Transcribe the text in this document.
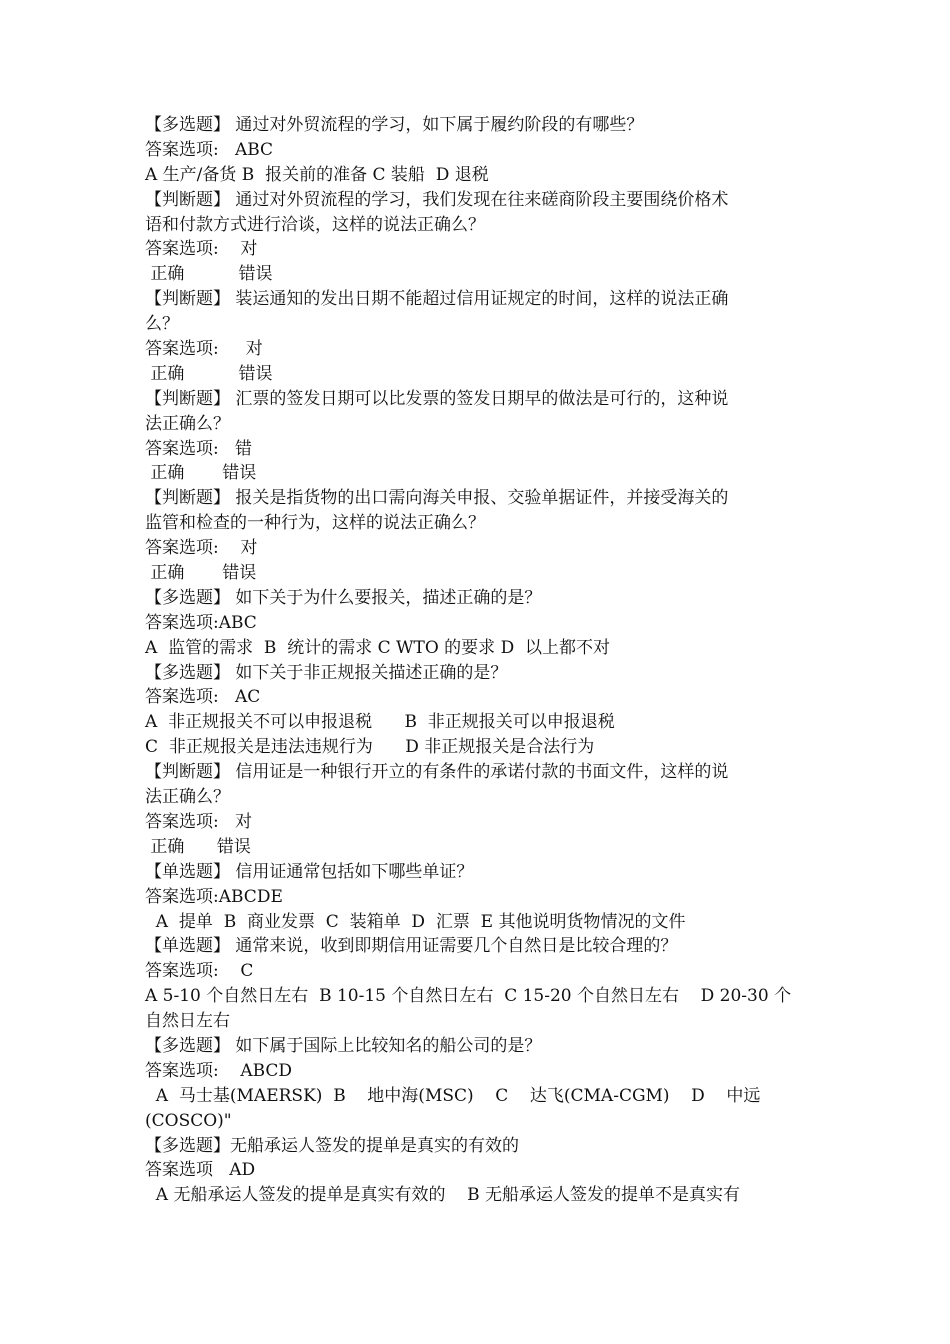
【多选题】 通过对外贸流程的学习，如下属于履约阶段的有哪些？
答案选项:   ABC
A 生产/备货 B  报关前的准备 C 装船  D 退税
【判断题】 通过对外贸流程的学习，我们发现在往来磋商阶段主要围绕价格术
语和付款方式进行洽谈，这样的说法正确么？
答案选项:    对
正确          错误
【判断题】 装运通知的发出日期不能超过信用证规定的时间，这样的说法正确
么？
答案选项:     对
正确          错误
【判断题】 汇票的签发日期可以比发票的签发日期早的做法是可行的，这种说
法正确么？
答案选项:   错
正确       错误
【判断题】 报关是指货物的出口需向海关申报、交验单据证件，并接受海关的
监管和检查的一种行为，这样的说法正确么？
答案选项:    对
正确       错误
【多选题】 如下关于为什么要报关，描述正确的是？
答案选项:ABC
A  监管的需求  B  统计的需求 C WTO 的要求 D  以上都不对
【多选题】 如下关于非正规报关描述正确的是？
答案选项:   AC
A  非正规报关不可以申报退税      B  非正规报关可以申报退税
C  非正规报关是违法违规行为      D 非正规报关是合法行为
【判断题】 信用证是一种银行开立的有条件的承诺付款的书面文件，这样的说
法正确么？
答案选项:   对
正确      错误
【单选题】 信用证通常包括如下哪些单证？
答案选项:ABCDE
A  提单  B  商业发票  C  装箱单  D  汇票  E 其他说明货物情况的文件
【单选题】 通常来说，收到即期信用证需要几个自然日是比较合理的？
答案选项:    C
A 5-10 个自然日左右  B 10-15 个自然日左右  C 15-20 个自然日左右    D 20-30 个
自然日左右
【多选题】 如下属于国际上比较知名的船公司的是？
答案选项:    ABCD
A  马士基(MAERSK)  B    地中海(MSC)    C    达飞(CMA-CGM)    D    中远
(COSCO)"
【多选题】无船承运人签发的提单是真实的有效的
答案选项   AD
A 无船承运人签发的提单是真实有效的    B 无船承运人签发的提单不是真实有
